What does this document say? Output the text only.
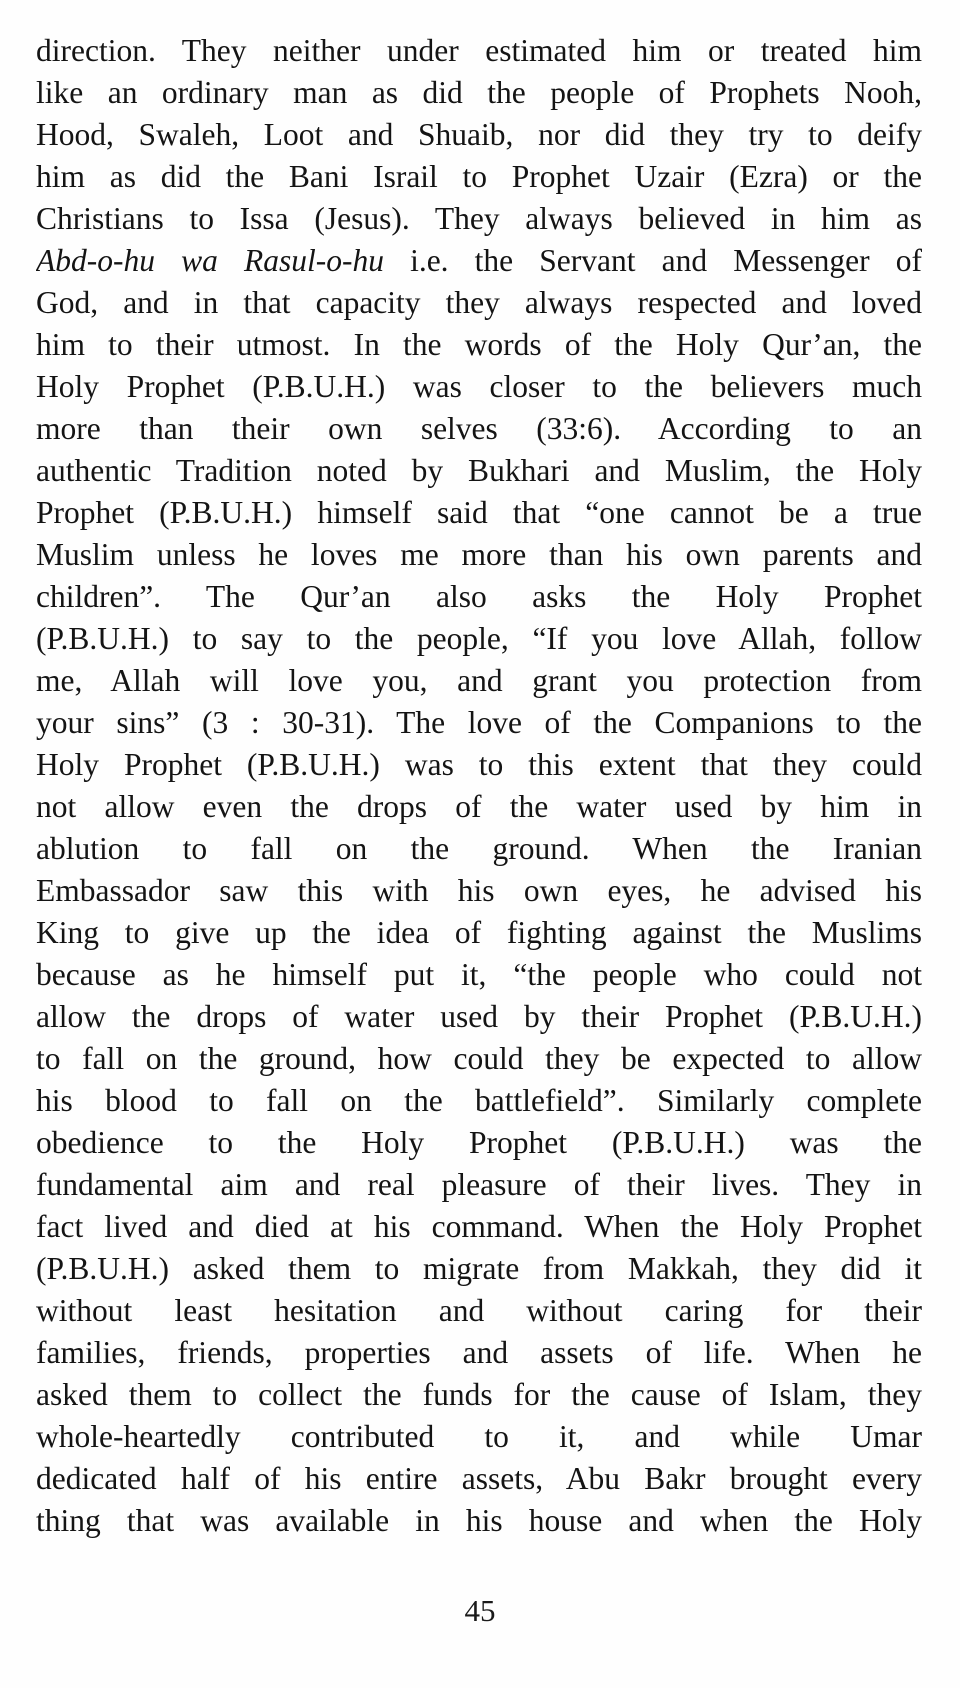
direction. They neither under estimated him or treated him
like an ordinary man as did the people of Prophets Nooh,
Hood, Swaleh, Loot and Shuaib, nor did they try to deify
him as did the Bani Israil to Prophet Uzair (Ezra) or the
Christians to Issa (Jesus). They always believed in him as
Abd-o-hu wa Rasul-o-hu i.e. the Servant and Messenger of
God, and in that capacity they always respected and loved
him to their utmost. In the words of the Holy Qur’an, the
Holy Prophet (P.B.U.H.) was closer to the believers much
more than their own selves (33:6). According to an
authentic Tradition noted by Bukhari and Muslim, the Holy
Prophet (P.B.U.H.) himself said that “one cannot be a true
Muslim unless he loves me more than his own parents and
children”. The Qur’an also asks the Holy Prophet
(P.B.U.H.) to say to the people, “If you love Allah, follow
me, Allah will love you, and grant you protection from
your sins” (3 : 30-31). The love of the Companions to the
Holy Prophet (P.B.U.H.) was to this extent that they could
not allow even the drops of the water used by him in
ablution to fall on the ground. When the Iranian
Embassador saw this with his own eyes, he advised his
King to give up the idea of fighting against the Muslims
because as he himself put it, “the people who could not
allow the drops of water used by their Prophet (P.B.U.H.)
to fall on the ground, how could they be expected to allow
his blood to fall on the battlefield”. Similarly complete
obedience to the Holy Prophet (P.B.U.H.) was the
fundamental aim and real pleasure of their lives. They in
fact lived and died at his command. When the Holy Prophet
(P.B.U.H.) asked them to migrate from Makkah, they did it
without least hesitation and without caring for their
families, friends, properties and assets of life. When he
asked them to collect the funds for the cause of Islam, they
whole-heartedly contributed to it, and while Umar
dedicated half of his entire assets, Abu Bakr brought every
thing that was available in his house and when the Holy
45
